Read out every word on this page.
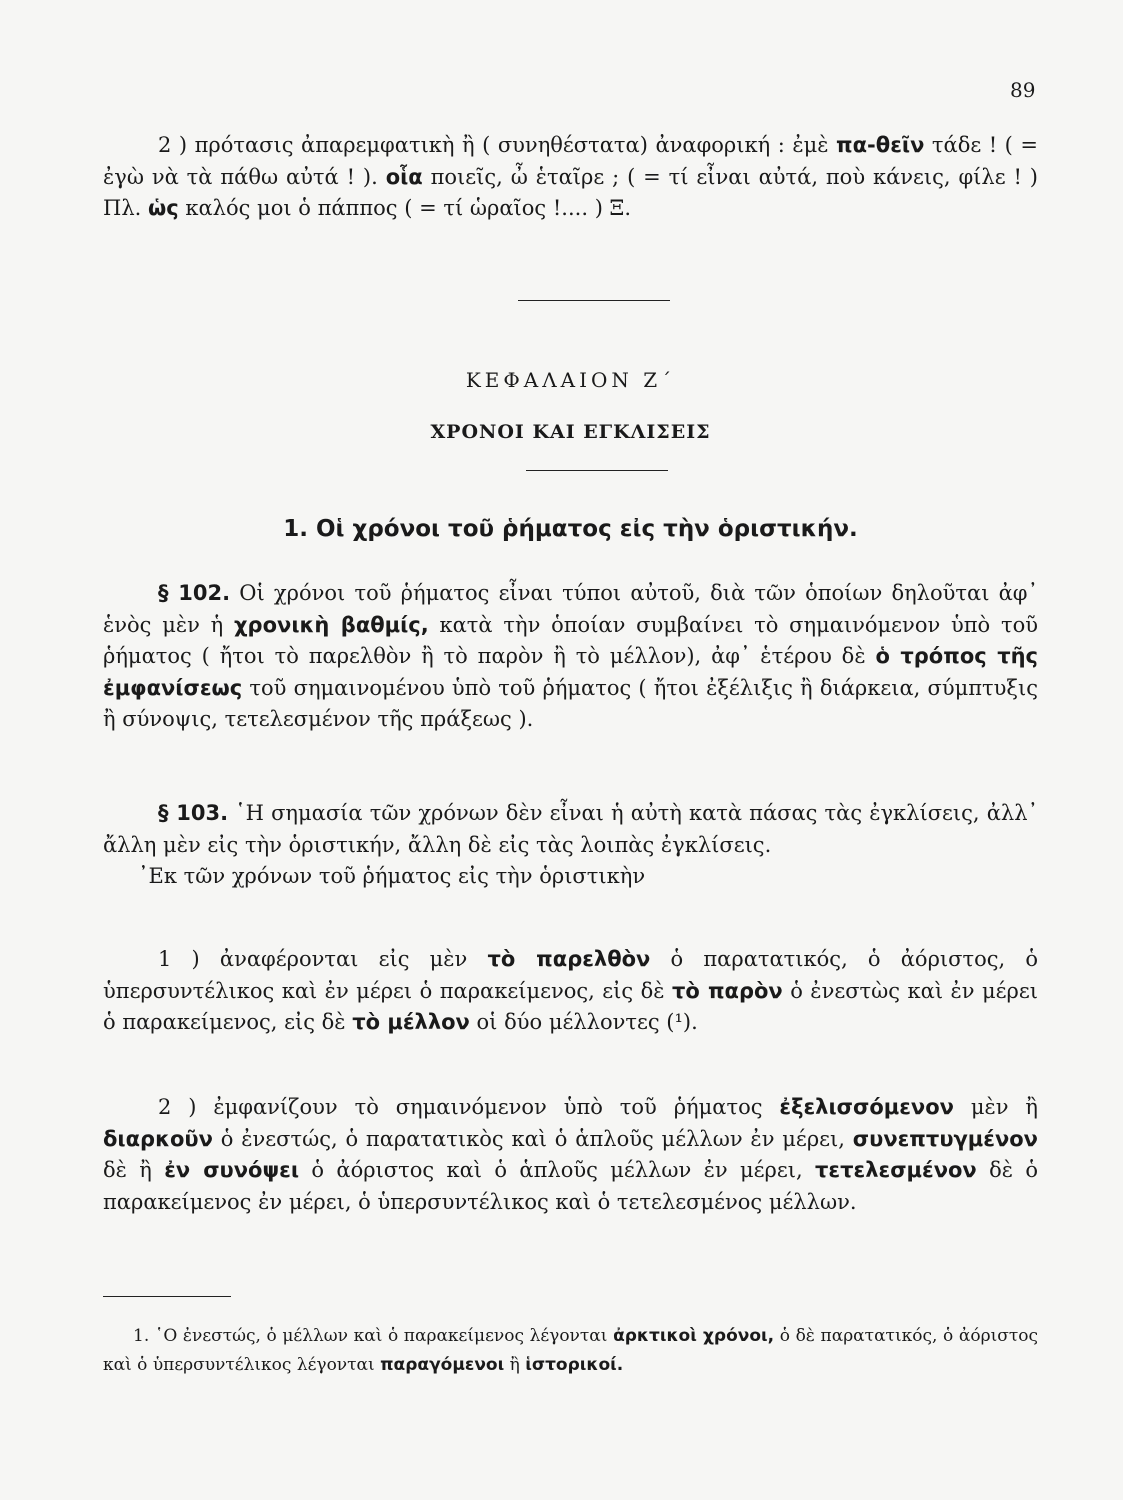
89

2 ) πρότασις ἀπαρεμφατικὴ ἢ ( συνηθέστατα) ἀναφορική : ἐμὲ πα-θεῖν τάδε ! ( = ἐγὼ νὰ τὰ πάθω αὐτά ! ). οἷα ποιεῖς, ὦ ἑταῖρε ; ( = τί εἶναι αὐτά, ποὺ κάνεις, φίλε ! ) Πλ. ὡς καλός μοι ὁ πάππος ( = τί ὡραῖος !.... ) Ξ.

ΚΕΦΑΛΑΙΟΝ Ζ΄
ΧΡΟΝΟΙ ΚΑΙ ΕΓΚΛΙΣΕΙΣ
1. Οἱ χρόνοι τοῦ ῥήματος εἰς τὴν ὁριστικήν.

§ 102. Οἱ χρόνοι τοῦ ῥήματος εἶναι τύποι αὐτοῦ, διὰ τῶν ὁποίων δηλοῦται ἀφ᾽ ἑνὸς μὲν ἡ χρονικὴ βαθμίς, κατὰ τὴν ὁποίαν συμβαίνει τὸ σημαινόμενον ὑπὸ τοῦ ῥήματος ( ἤτοι τὸ παρελθὸν ἢ τὸ παρὸν ἢ τὸ μέλλον), ἀφ᾽ ἑτέρου δὲ ὁ τρόπος τῆς ἐμφανίσεως τοῦ σημαινομένου ὑπὸ τοῦ ῥήματος ( ἤτοι ἐξέλιξις ἢ διάρκεια, σύμπτυξις ἢ σύνοψις, τετελεσμένον τῆς πράξεως ).

§ 103. ῾Η σημασία τῶν χρόνων δὲν εἶναι ἡ αὐτὴ κατὰ πάσας τὰς ἐγκλίσεις, ἀλλ᾽ ἄλλη μὲν εἰς τὴν ὁριστικήν, ἄλλη δὲ εἰς τὰς λοιπὰς ἐγκλίσεις.

᾽Εκ τῶν χρόνων τοῦ ῥήματος εἰς τὴν ὁριστικὴν

1 ) ἀναφέρονται εἰς μὲν τὸ παρελθὸν ὁ παρατατικός, ὁ ἀόριστος, ὁ ὑπερσυντέλικος καὶ ἐν μέρει ὁ παρακείμενος, εἰς δὲ τὸ παρὸν ὁ ἐνεστὼς καὶ ἐν μέρει ὁ παρακείμενος, εἰς δὲ τὸ μέλλον οἱ δύο μέλλοντες (¹).

2 ) ἐμφανίζουν τὸ σημαινόμενον ὑπὸ τοῦ ῥήματος ἐξελισσόμενον μὲν ἢ διαρκοῦν ὁ ἐνεστώς, ὁ παρατατικὸς καὶ ὁ ἁπλοῦς μέλλων ἐν μέρει, συνεπτυγμένον δὲ ἢ ἐν συνόψει ὁ ἀόριστος καὶ ὁ ἁπλοῦς μέλλων ἐν μέρει, τετελεσμένον δὲ ὁ παρακείμενος ἐν μέρει, ὁ ὑπερσυντέλικος καὶ ὁ τετελεσμένος μέλλων.

1. ῾Ο ἐνεστώς, ὁ μέλλων καὶ ὁ παρακείμενος λέγονται ἀρκτικοὶ χρόνοι, ὁ δὲ παρατατικός, ὁ ἀόριστος καὶ ὁ ὑπερσυντέλικος λέγονται παραγόμενοι ἢ ἱστορικοί.
